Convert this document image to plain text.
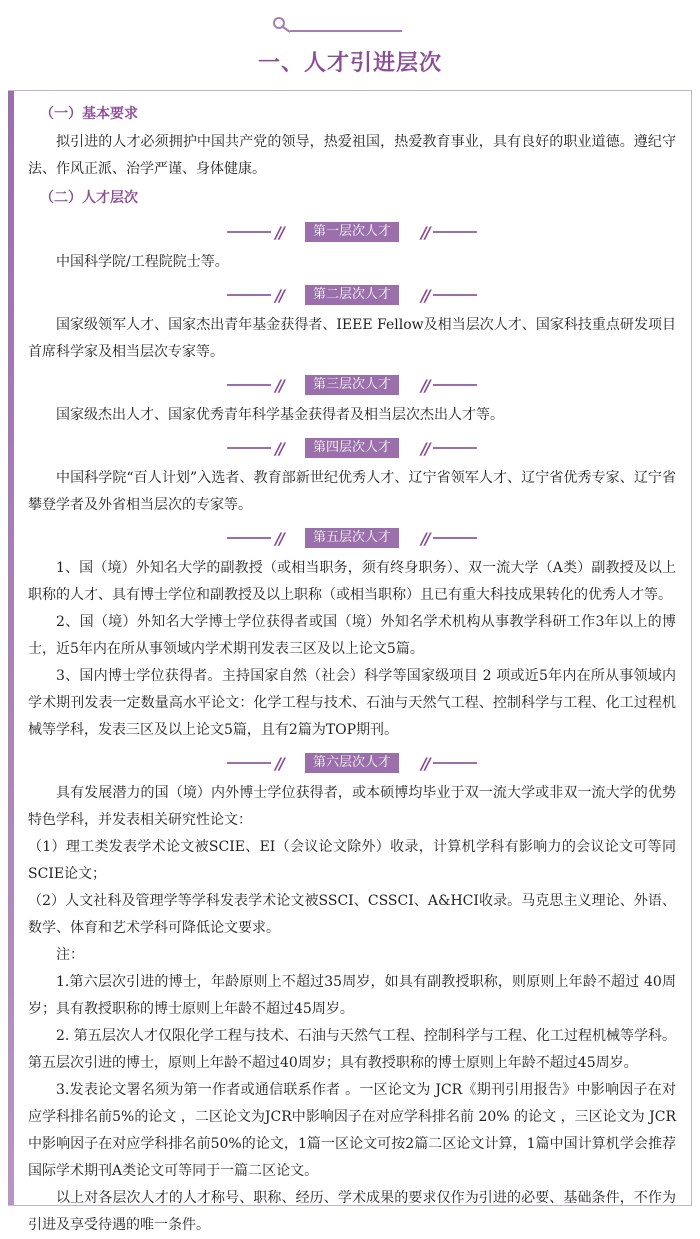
一、人才引进层次
（一）基本要求

拟引进的人才必须拥护中国共产党的领导，热爱祖国，热爱教育事业，具有良好的职业道德。遵纪守法、作风正派、治学严谨、身体健康。

（二）人才层次
//	第一层次人才	//

中国科学院/工程院院士等。

//	第二层次人才	//

国家级领军人才、国家杰出青年基金获得者、IEEE Fellow及相当层次人才、国家科技重点研发项目首席科学家及相当层次专家等。

//	第三层次人才	//

国家级杰出人才、国家优秀青年科学基金获得者及相当层次杰出人才等。

//	第四层次人才	//

中国科学院“百人计划”入选者、教育部新世纪优秀人才、辽宁省领军人才、辽宁省优秀专家、辽宁省攀登学者及外省相当层次的专家等。

//	第五层次人才	//

1、国（境）外知名大学的副教授（或相当职务，须有终身职务）、双一流大学（A类）副教授及以上职称的人才、具有博士学位和副教授及以上职称（或相当职称）且已有重大科技成果转化的优秀人才等。

2、国（境）外知名大学博士学位获得者或国（境）外知名学术机构从事教学科研工作3年以上的博士，近5年内在所从事领域内学术期刊发表三区及以上论文5篇。

3、国内博士学位获得者。主持国家自然（社会）科学等国家级项目 2 项或近5年内在所从事领域内学术期刊发表一定数量高水平论文：化学工程与技术、石油与天然气工程、控制科学与工程、化工过程机械等学科，发表三区及以上论文5篇，且有2篇为TOP期刊。

//	第六层次人才	//

具有发展潜力的国（境）内外博士学位获得者，或本硕博均毕业于双一流大学或非双一流大学的优势特色学科，并发表相关研究性论文：

（1）理工类发表学术论文被SCIE、EI（会议论文除外）收录，计算机学科有影响力的会议论文可等同SCIE论文；

（2）人文社科及管理学等学科发表学术论文被SSCI、CSSCI、A&HCI收录。马克思主义理论、外语、数学、体育和艺术学科可降低论文要求。

注：

1.第六层次引进的博士，年龄原则上不超过35周岁，如具有副教授职称，则原则上年龄不超过 40周岁；具有教授职称的博士原则上年龄不超过45周岁。

2. 第五层次人才仅限化学工程与技术、石油与天然气工程、控制科学与工程、化工过程机械等学科。第五层次引进的博士，原则上年龄不超过40周岁；具有教授职称的博士原则上年龄不超过45周岁。

3.发表论文署名须为第一作者或通信联系作者 。一区论文为 JCR《期刊引用报告》中影响因子在对应学科排名前5%的论文 ，二区论文为JCR中影响因子在对应学科排名前 20% 的论文 ，三区论文为 JCR中影响因子在对应学科排名前50%的论文，1篇一区论文可按2篇二区论文计算，1篇中国计算机学会推荐国际学术期刊A类论文可等同于一篇二区论文。

以上对各层次人才的人才称号、职称、经历、学术成果的要求仅作为引进的必要、基础条件，不作为引进及享受待遇的唯一条件。
